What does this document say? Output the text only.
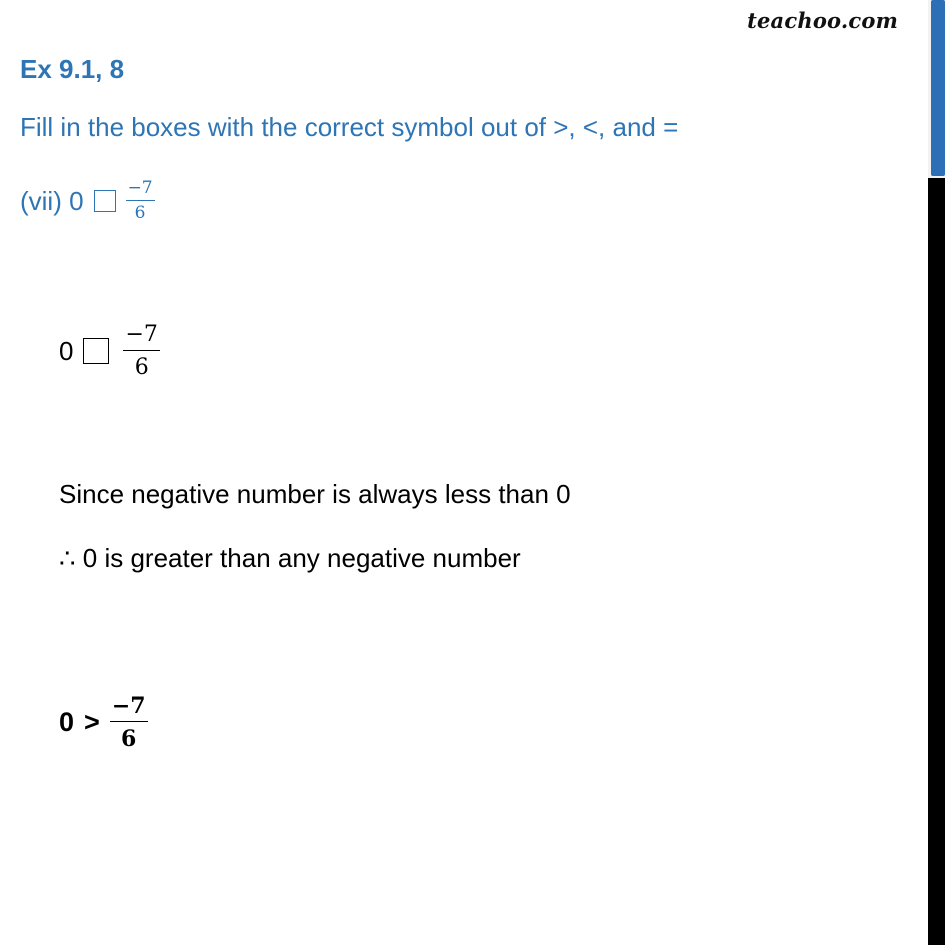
teachoo.com
Ex 9.1, 8
Fill in the boxes with the correct symbol out of >, <, and =
(vii) $0 \frac{-7}{6}$
$0 \frac{-7}{6}$
Since negative number is always less than 0
∴ 0 is greater than any negative number
$0 > \frac{-7}{6}$
